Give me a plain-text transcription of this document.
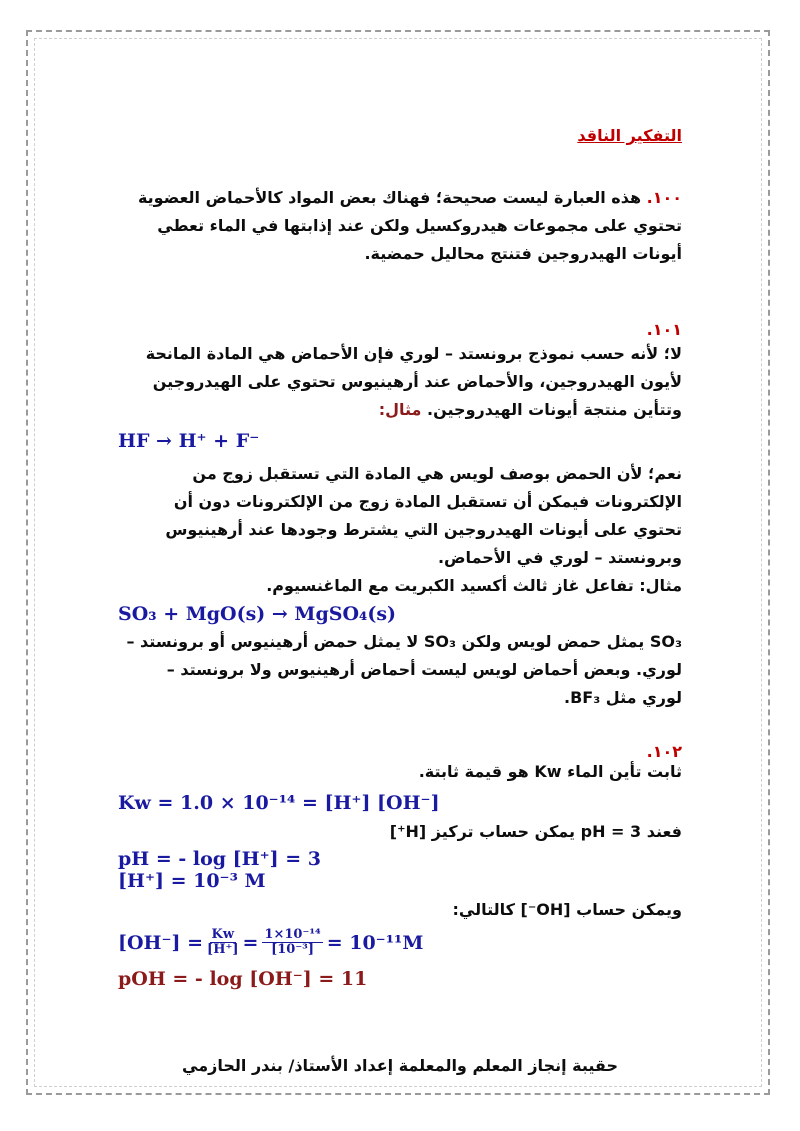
التفكير الناقد
١٠٠. هذه العبارة ليست صحيحة؛ فهناك بعض المواد كالأحماض العضوية تحتوي على مجموعات هيدروكسيل ولكن عند إذابتها في الماء تعطي أيونات الهيدروجين فتنتج محاليل حمضية.
١٠١.
لا؛ لأنه حسب نموذج برونستد – لوري فإن الأحماض هي المادة المانحة لأيون الهيدروجين، والأحماض عند أرهينيوس تحتوي على الهيدروجين وتتأين منتجة أيونات الهيدروجين. مثال:
HF → H⁺ + F⁻
نعم؛ لأن الحمض بوصف لويس هي المادة التي تستقبل زوج من الإلكترونات فيمكن أن تستقبل المادة زوج من الإلكترونات دون أن تحتوي على أيونات الهيدروجين التي يشترط وجودها عند أرهينيوس وبرونستد – لوري في الأحماض.
مثال: تفاعل غاز ثالث أكسيد الكبريت مع الماغنسيوم.
SO₃ + MgO(s) → MgSO₄(s)
SO₃ يمثل حمض لويس ولكن SO₃ لا يمثل حمض أرهينيوس أو برونستد – لوري. وبعض أحماض لويس ليست أحماض أرهينيوس ولا برونستد – لوري مثل BF₃.
١٠٢.
ثابت تأين الماء Kw هو قيمة ثابتة.
Kw = 1.0 × 10⁻¹⁴ = [H⁺] [OH⁻]
فعند pH = 3 يمكن حساب تركيز [H⁺]
pH = - log [H⁺] = 3
[H⁺] = 10⁻³ M
ويمكن حساب [OH⁻] كالتالي:
$[OH^-] = \frac{Kw}{[H^+]} = \frac{\text{1×10⁻¹⁴}}{\text{[10⁻³]}} = 10^{-11}M$
pOH = - log [OH⁻] = 11
حقيبة إنجاز المعلم والمعلمة إعداد الأستاذ/ بندر الحازمي
